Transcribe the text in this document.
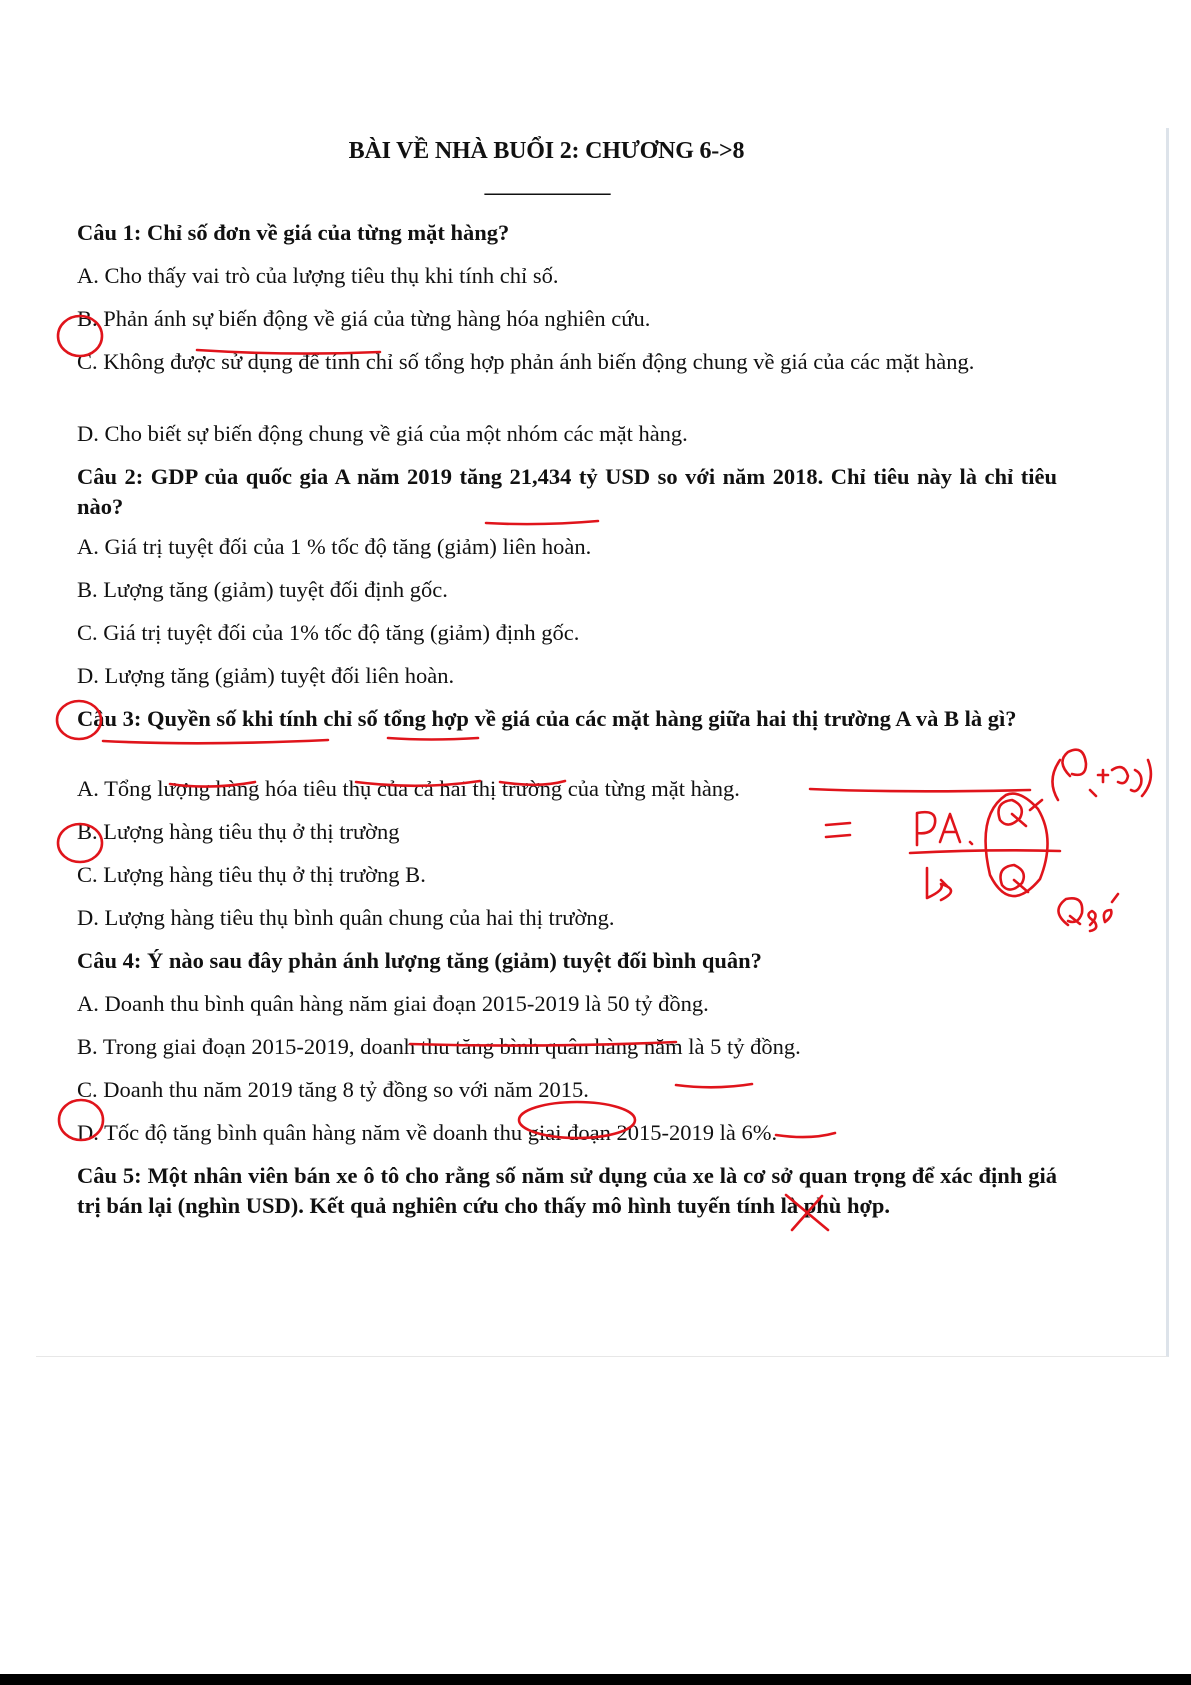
BÀI VỀ NHÀ BUỔI 2: CHƯƠNG 6->8
---------------------------
Câu 1: Chỉ số đơn về giá của từng mặt hàng?
A. Cho thấy vai trò của lượng tiêu thụ khi tính chỉ số.
B. Phản ánh sự biến động về giá của từng hàng hóa nghiên cứu.
C. Không được sử dụng để tính chỉ số tổng hợp phản ánh biến động chung về giá của các mặt hàng.
D. Cho biết sự biến động chung về giá của một nhóm các mặt hàng.
Câu 2: GDP của quốc gia A năm 2019 tăng 21,434 tỷ USD so với năm 2018. Chỉ tiêu này là chỉ tiêu nào?
A. Giá trị tuyệt đối của 1 % tốc độ tăng (giảm) liên hoàn.
B. Lượng tăng (giảm) tuyệt đối định gốc.
C. Giá trị tuyệt đối của 1% tốc độ tăng (giảm) định gốc.
D. Lượng tăng (giảm) tuyệt đối liên hoàn.
Câu 3: Quyền số khi tính chỉ số tổng hợp về giá của các mặt hàng giữa hai thị trường A và B là gì?
A. Tổng lượng hàng hóa tiêu thụ của cả hai thị trường của từng mặt hàng.
B. Lượng hàng tiêu thụ ở thị trường
C. Lượng hàng tiêu thụ ở thị trường B.
D. Lượng hàng tiêu thụ bình quân chung của hai thị trường.
Câu 4: Ý nào sau đây phản ánh lượng tăng (giảm) tuyệt đối bình quân?
A. Doanh thu bình quân hàng năm giai đoạn 2015-2019 là 50 tỷ đồng.
B. Trong giai đoạn 2015-2019, doanh thu tăng bình quân hàng năm là 5 tỷ đồng.
C. Doanh thu năm 2019 tăng 8 tỷ đồng so với năm 2015.
D. Tốc độ tăng bình quân hàng năm về doanh thu giai đoạn 2015-2019 là 6%.
Câu 5: Một nhân viên bán xe ô tô cho rằng số năm sử dụng của xe là cơ sở quan trọng để xác định giá trị bán lại (nghìn USD). Kết quả nghiên cứu cho thấy mô hình tuyến tính là phù hợp.
